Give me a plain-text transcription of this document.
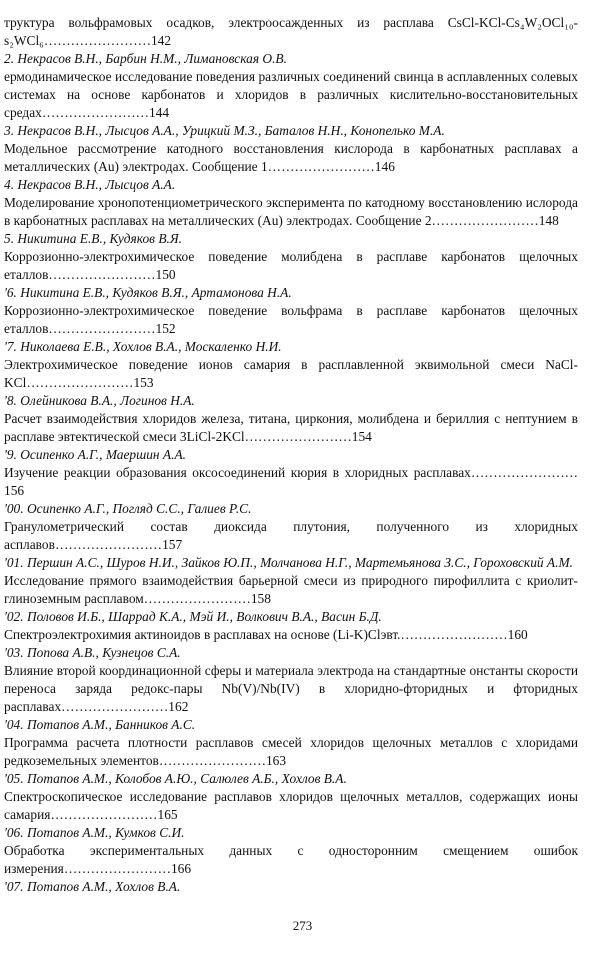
труктура вольфрамовых осадков, электроосажденных из расплава CsCl-KCl-Cs₄W₂OCl₁₀-s₂WCl₆……………………142
2. Некрасов В.Н., Барбин Н.М., Лимановская О.В.
ермодинамическое исследование поведения различных соединений свинца в асплавленных солевых системах на основе карбонатов и хлоридов в различных кислительно-восстановительных средах……………………144
3. Некрасов В.Н., Лысцов А.А., Урицкий М.З., Баталов Н.Н., Конопелько М.А.
Модельное рассмотрение катодного восстановления кислорода в карбонатных расплавах а металлических (Au) электродах. Сообщение 1……………………146
4. Некрасов В.Н., Лысцов А.А.
Моделирование хронопотенциометрического эксперимента по катодному восстановлению ислорода в карбонатных расплавах на металлических (Au) электродах. Сообщение 2……………………148
5. Никитина Е.В., Кудяков В.Я.
Коррозионно-электрохимическое поведение молибдена в расплаве карбонатов щелочных еталлов……………………150
'6. Никитина Е.В., Кудяков В.Я., Артамонова Н.А.
Коррозионно-электрохимическое поведение вольфрама в расплаве карбонатов щелочных еталлов……………………152
'7. Николаева Е.В., Хохлов В.А., Москаленко Н.И.
Электрохимическое поведение ионов самария в расплавленной эквимольной смеси NaCl-KCl……………………153
'8. Олейникова В.А., Логинов Н.А.
Расчет взаимодействия хлоридов железа, титана, циркония, молибдена и бериллия с нептунием в расплаве эвтектической смеси 3LiCl-2KCl……………………154
'9. Осипенко А.Г., Маершин А.А.
Изучение реакции образования оксосоединений кюрия в хлоридных расплавах……………………156
'00. Осипенко А.Г., Погляд С.С., Галиев Р.С.
Гранулометрический состав диоксида плутония, полученного из хлоридных асплавов……………………157
'01. Першин А.С., Шуров Н.И., Зайков Ю.П., Молчанова Н.Г., Мартемьянова З.С., Гороховский А.М.
Исследование прямого взаимодействия барьерной смеси из природного пирофиллита с криолит-глиноземным расплавом……………………158
'02. Половов И.Б., Шаррад К.А., Мэй И., Волкович В.А., Васин Б.Д.
Спектроэлектрохимия актиноидов в расплавах на основе (Li-K)Clэвт.……………………160
'03. Попова А.В., Кузнецов С.А.
Влияние второй координационной сферы и материала электрода на стандартные онстанты скорости переноса заряда редокс-пары Nb(V)/Nb(IV) в хлоридно-фторидных и фторидных расплавах……………………162
'04. Потапов А.М., Банников А.С.
Программа расчета плотности расплавов смесей хлоридов щелочных металлов с хлоридами редкоземельных элементов……………………163
'05. Потапов А.М., Колобов А.Ю., Салюлев А.Б., Хохлов В.А.
Спектроскопическое исследование расплавов хлоридов щелочных металлов, содержащих ионы самария……………………165
'06. Потапов А.М., Кумков С.И.
Обработка экспериментальных данных с односторонним смещением ошибок измерения……………………166
'07. Потапов А.М., Хохлов В.А.
273
